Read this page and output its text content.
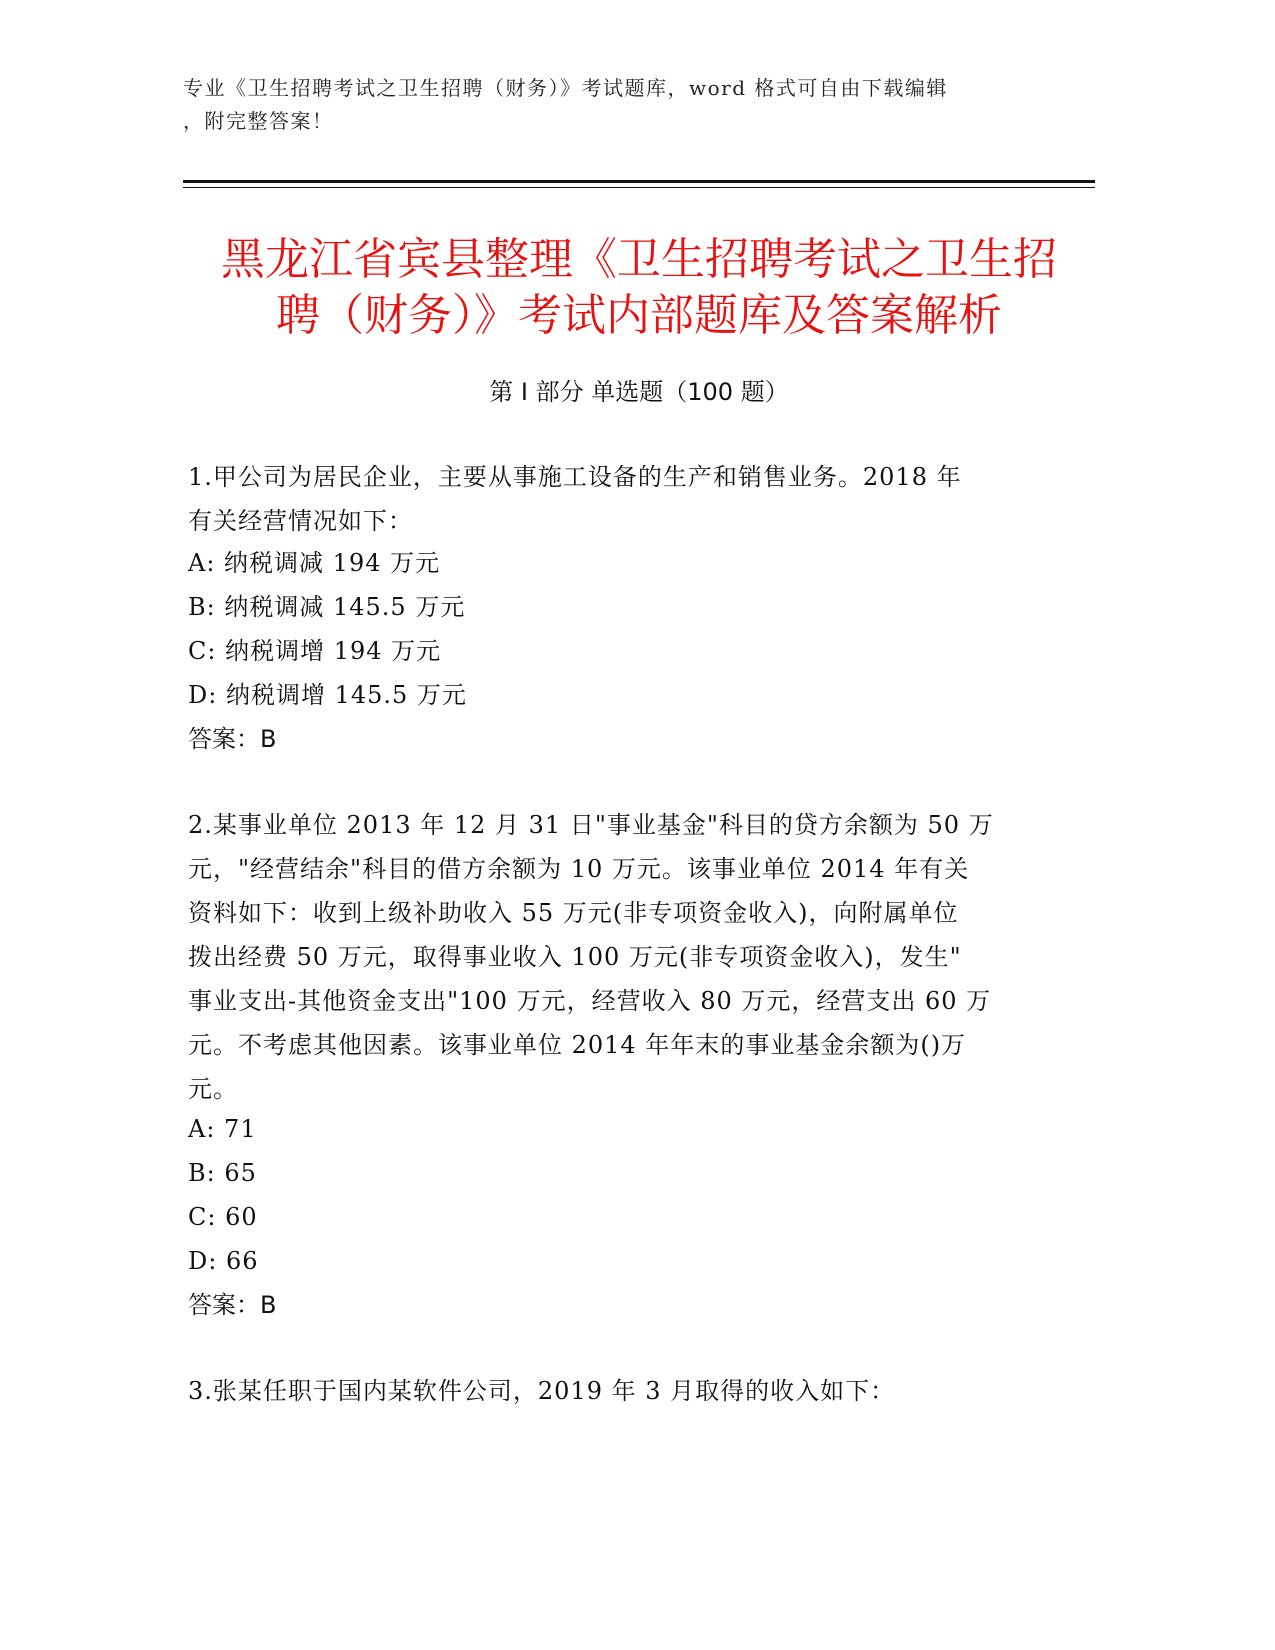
专业《卫生招聘考试之卫生招聘（财务）》考试题库，word 格式可自由下载编辑
，附完整答案！
黑龙江省宾县整理《卫生招聘考试之卫生招
聘（财务）》考试内部题库及答案解析
第 I 部分 单选题（100 题）
1.甲公司为居民企业，主要从事施工设备的生产和销售业务。2018 年
有关经营情况如下：
A: 纳税调减 194 万元
B: 纳税调减 145.5 万元
C: 纳税调增 194 万元
D: 纳税调增 145.5 万元
答案：B
2.某事业单位 2013 年 12 月 31 日"事业基金"科目的贷方余额为 50 万
元，"经营结余"科目的借方余额为 10 万元。该事业单位 2014 年有关
资料如下：收到上级补助收入 55 万元(非专项资金收入)，向附属单位
拨出经费 50 万元，取得事业收入 100 万元(非专项资金收入)，发生"
事业支出-其他资金支出"100 万元，经营收入 80 万元，经营支出 60 万
元。不考虑其他因素。该事业单位 2014 年年末的事业基金余额为()万
元。
A: 71
B: 65
C: 60
D: 66
答案：B
3.张某任职于国内某软件公司，2019 年 3 月取得的收入如下：
